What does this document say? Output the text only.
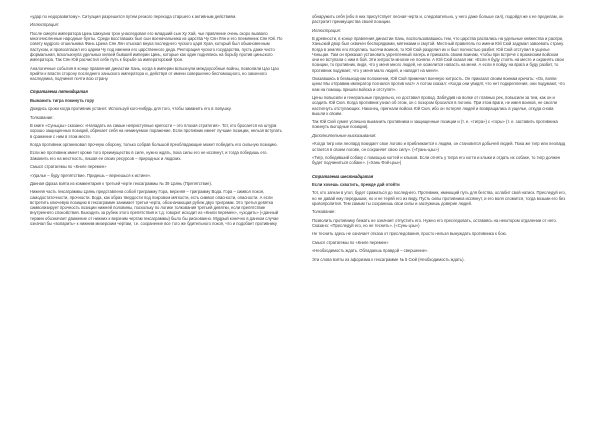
«удар по недоразвитому». Ситуация разрешится путем резкого перехода старшего к активным действиям.

Иллюстрация:

После смерти императора Цинь Шихуана трон унаследовал его младший сын Ху Хай, чье правление очень скоро вызвало многочисленные народные бунты. Среди восставших был сын военачальника из царства Чу Сян Лян и его племянник Сян Юй. По совету мудрого отшельника Фань Цзена Сян Лян отыскал внука последнего чуского царя Хуая, который был обыкновенным пастухом, и провозгласил его царем Чу под именем его царственного деда. Ректорация чуского государства, пусть даже чисто формальная, всколыхнула удельных князей бывшей империи Цинь, которые как один поднялись на борьбу против циньского императора. Так Сян Юй расчистил себе путь к борьбе за императорский трон.

Аналогичные события в конце правления династии Хань, когда в империи вспыхнули междоусобные войны, позволили Цао Цао прийти к власти сторону последнего ханьского императора и, действуя от имени совершенно беспомощного, но законного наследника, подчинил почти всю страну.

Стратагема пятнадцатая

Выманить тигра покинуть гору

Дождись сроки когда противник устанет. Используй кого-нибудь для того, чтобы заманить его в ловушку.

Толкование:

В книге «Суньцзы» сказано: «Нападать на самые неприступные крепости – это плохая стратегия». Тот, кто бросается на штурм хорошо защищенных позиций, обрекает себя на неминуемое поражение. Если противник имеет лучшие позиции, нельзя вступать в сражение с ним в этом месте.

Когда противник организовал прочную оборону, только собрав большой преобладающие может победить его сильную позицию.

Если же противник имеет кроме того преимущество в силе, нужно ждать, пока силы его не иссякнут, и тогда победишь его. Заманить его на местность, лишая ее своих ресурсов – природных и людских.

Смысл стратагемы по «Книге перемен»

«Удалье – буду препятствие. Придешь – вернешься к истине».

Данная фраза взята из комментария к третьей черте гексаграммы № 39 Цзянь (Препятствие).

Нижняя часть гексаграммы Цзянь представлена собой триграмму Гора, верхняя – триграмму Вода. Гора – символ покоя, самодостаточности, прочности. Вода, как образ твердости под покровом мягкости, есть символ опасности, опасности. А если встретить ключевую позицию в гексаграмме занимает третья черта, обозначающая рубеж двух триграмм. Это третья девятка символизирует прочность позиции нижней половины, поскольку по логике толкования третьей девятки, если препятствие внутреннего спокойствия. Выходить за рубеж этого препятствия и т.д. говорит исходит из «Книги перемен», «уходить» («данный термин обозначает движение от нижних к верхним чертам гексаграммы) было бы рискованно. Мудрый конечно в данном случае означал бы «вопарить» к нижним мизерским чертам, т.е. сохранение все того же бдительного покоя, что и подобает противнику

обнаружить себя (ибо в них присутствует лесная черта и, следовательно, у него даже больше сил), подойдя же к ее пределам, он растратит преимущества своей позиции.

Иллюстрация:

В древности, в конце правления династии Хань, воспользовавшись тем, что царства распались на удельные княжества и распри, Ханьский двор был охвачен беспорядками, мятежами и смутой. Местный правитель по имени Юй Сюй задумал завоевать страну. Когда в землях его вторглись тысячи воинов, то Юй Сюй разделил их и был полностью разбит. Юй Сюй отступил в ущелье Чэньцан. Там он приказал установить укрепленный лагерь и приказать своим воинам, чтобы при встрече с вражеским войском они не вступали с ним в бой. Эти хитрости многие не поняли. А Юй Сюй сказал им: «Если я буду стоять на месте и охранять свои позиции, то противник, видя, что у меня много людей, не осмелится напасть на меня. А если я пойду на врага и буду разбит, то противник подумает, что у меня мало людей, и нападет на меня».

Оказавшись в безвыходном положении, Юй Сюй применил военную хитрость. Он приказал своим воинам кричать: «Ох, взяли цинь! Мы отправим император погнался против нас!» А потом сказал: «Когда они увидят, что нет подкрепления, они подумают, что нам на помощь пришли войска и отступят».

Цены повысили и генеральные предельно, но доставил провод. Заблудив на волке от главных рек, повысили за тем, как он и осадить Юй Сюя. Когда противник узнал об этом, он с позором бросился в погоню. При этом враги, не имея воинов, не смогли настигнуть отступающих. Наконец, пригнали войска Юй Сюя, ибо он потерял людей и возвращались в ущелье, откуда снова вышли к своим.

Так Юй Сюй сумел успешно выманить противника и защищенные позиции и (т. е. «тигра») с «горы» (т. е. заставить противника покинуть выгодные позиции).

Дополнительные высказывания:

«Когда тигр или леопард покидает свое логово и приближается к людям, он становится добычей людей. Пока же тигр или леопард остается в своем логове, он сохраняет свою силу». («Гуань-цзы»)

«Тигр, победивший собаку с помощью когтей и клыков. Если отнять у тигра его когти и клыки и отдать их собаке, то тигр должен будет подчиниться собаке». («Хань Фэй-цзы»)

Стратагема шестнадцатая

Если хочешь схватить, прежде дай отойти

Тот, кто загнан в угол, будет сражаться до последнего. Противник, имеющий путь для бегства, ослабит свой натиск. Преследуй его, но не давай ему передышки, но и не теряй его из виду. Пусть силы противника иссякнут, и его воля сломится, тогда возьми его без кровопролития. Тем самым ты сохранишь свои силы и заслужишь доверие людей.

Толкование:

Позволить противнику бежать не означает отпустить его. Нужно его преследовать, оставаясь на некотором отдалении от него. Сказано: «Преследуй его, но не теснить». («Сунь-цзы»)

Не теснить здесь не означает отказа от преследования, просто нельзя вынуждать противника к бою.

Смысл стратагемы по «Книге перемен»

«Необходимость ждать. Обладаешь правдой – свершение».

Эти слова взяты из афоризма к гексаграмме № 5 Сюй (Необходимость ждать).
